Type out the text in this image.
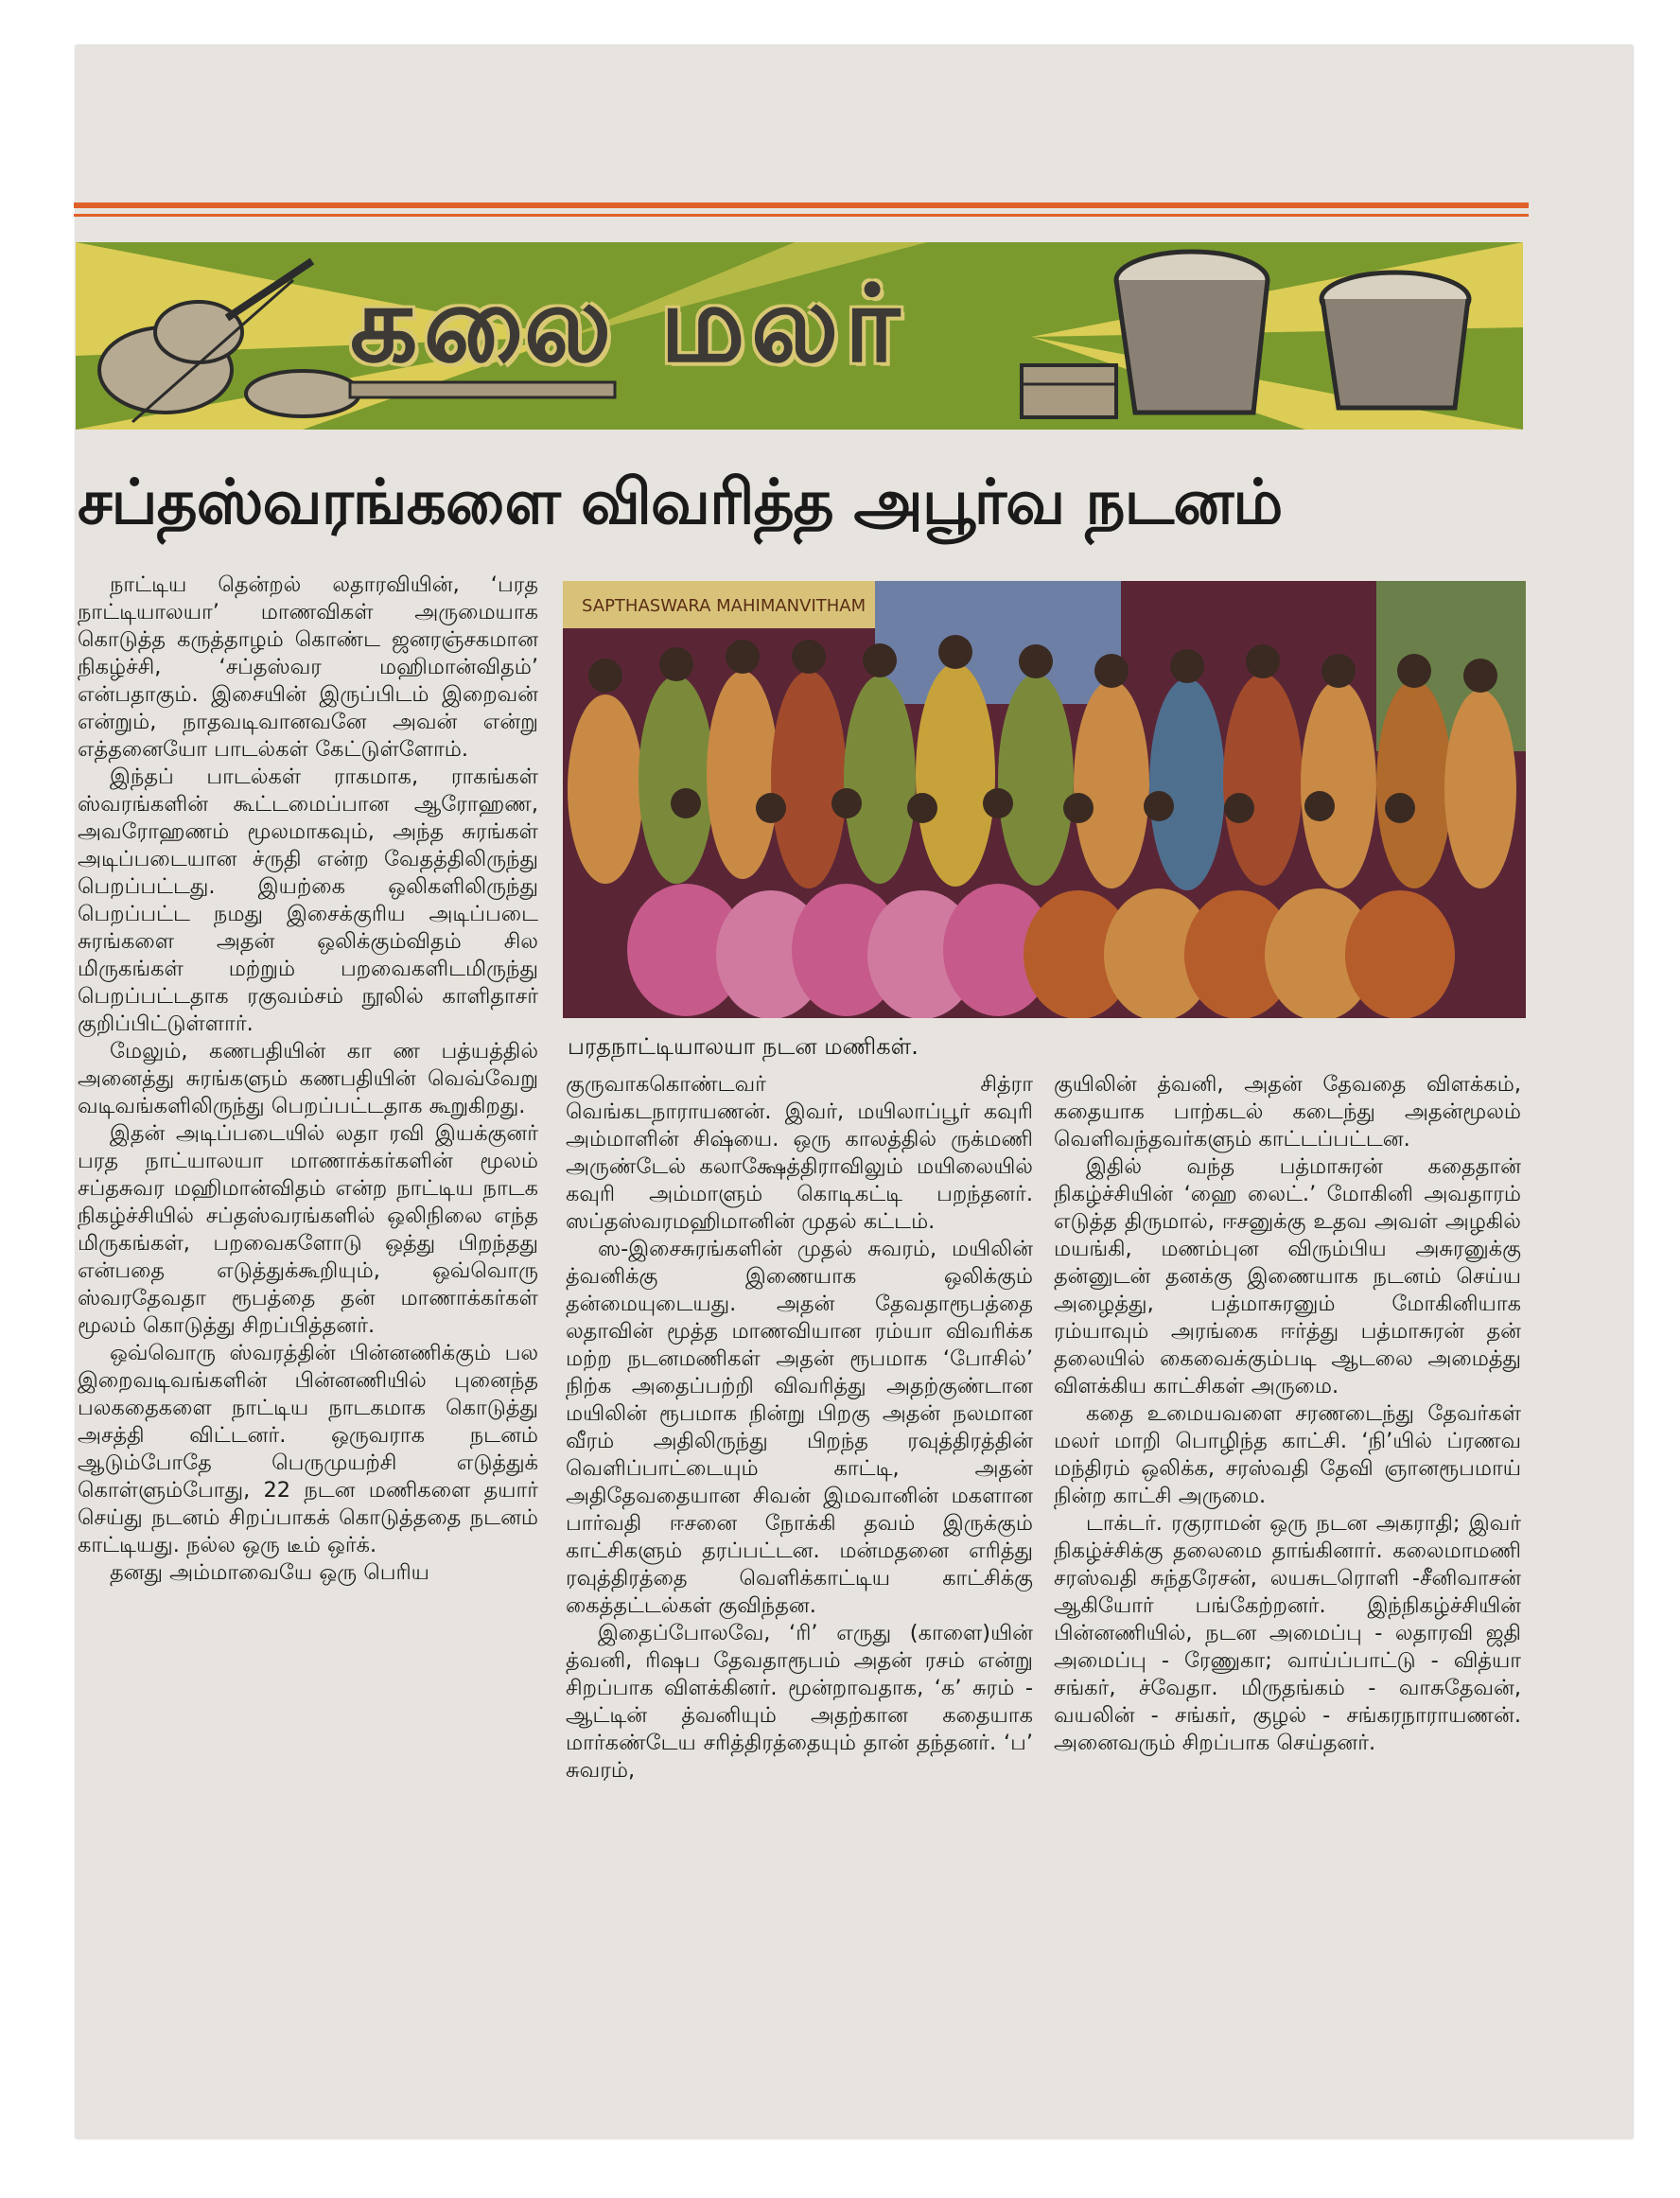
கலை மலர்
சப்தஸ்வரங்களை விவரித்த அபூர்வ நடனம்
SAPTHASWARA MAHIMANVITHAM
பரதநாட்டியாலயா நடன மணிகள்.

நாட்டிய தென்றல் லதாரவியின், ‘பரத நாட்டியாலயா’ மாணவிகள் அருமையாக கொடுத்த கருத்தாழம் கொண்ட ஜனரஞ்சகமான நிகழ்ச்சி, ‘சப்தஸ்வர மஹிமான்விதம்’ என்பதாகும். இசையின் இருப்பிடம் இறைவன் என்றும், நாதவடிவானவனே அவன் என்று எத்தனையோ பாடல்கள் கேட்டுள்ளோம்.

இந்தப் பாடல்கள் ராகமாக, ராகங்கள் ஸ்வரங்களின் கூட்டமைப்பான ஆரோஹண, அவரோஹணம் மூலமாகவும், அந்த சுரங்கள் அடிப்படையான ச்ருதி என்ற வேதத்திலிருந்து பெறப்பட்டது. இயற்கை ஒலிகளிலிருந்து பெறப்பட்ட நமது இசைக்குரிய அடிப்படை சுரங்களை அதன் ஒலிக்கும்விதம் சில மிருகங்கள் மற்றும் பறவைகளிடமிருந்து பெறப்பட்டதாக ரகுவம்சம் நூலில் காளிதாசர் குறிப்பிட்டுள்ளார்.

மேலும், கணபதியின் கா ண பத்யத்தில் அனைத்து சுரங்களும் கணபதியின் வெவ்வேறு வடிவங்களிலிருந்து பெறப்பட்டதாக கூறுகிறது.

இதன் அடிப்படையில் லதா ரவி இயக்குனர் பரத நாட்யாலயா மாணாக்கர்களின் மூலம் சப்தசுவர மஹிமான்விதம் என்ற நாட்டிய நாடக நிகழ்ச்சியில் சப்தஸ்வரங்களில் ஒலிநிலை எந்த மிருகங்கள், பறவைகளோடு ஒத்து பிறந்தது என்பதை எடுத்துக்கூறியும், ஒவ்வொரு ஸ்வரதேவதா ரூபத்தை தன் மாணாக்கர்கள் மூலம் கொடுத்து சிறப்பித்தனர்.

ஒவ்வொரு ஸ்வரத்தின் பின்னணிக்கும் பல இறைவடிவங்களின் பின்னணியில் புனைந்த பலகதைகளை நாட்டிய நாடகமாக கொடுத்து அசத்தி விட்டனர். ஒருவராக நடனம் ஆடும்போதே பெருமுயற்சி எடுத்துக் கொள்ளும்போது, 22 நடன மணிகளை தயார் செய்து நடனம் சிறப்பாகக் கொடுத்ததை நடனம் காட்டியது. நல்ல ஒரு டீம் ஒர்க்.

தனது அம்மாவையே ஒரு பெரிய

குருவாககொண்டவர் சித்ரா வெங்கடநாராயணன். இவர், மயிலாப்பூர் கவுரி அம்மாளின் சிஷ்யை. ஒரு காலத்தில் ருக்மணி அருண்டேல் கலாக்ஷேத்திராவிலும் மயிலையில் கவுரி அம்மாளும் கொடிகட்டி பறந்தனர். ஸப்தஸ்வரமஹிமானின் முதல் கட்டம்.

ஸ-இசைசுரங்களின் முதல் சுவரம், மயிலின் த்வனிக்கு இணையாக ஒலிக்கும் தன்மையுடையது. அதன் தேவதாரூபத்தை லதாவின் மூத்த மாணவியான ரம்யா விவரிக்க மற்ற நடனமணிகள் அதன் ரூபமாக ‘போசில்’ நிற்க அதைப்பற்றி விவரித்து அதற்குண்டான மயிலின் ரூபமாக நின்று பிறகு அதன் நலமான வீரம் அதிலிருந்து பிறந்த ரவுத்திரத்தின் வெளிப்பாட்டையும் காட்டி, அதன் அதிதேவதையான சிவன் இமவானின் மகளான பார்வதி ஈசனை நோக்கி தவம் இருக்கும் காட்சிகளும் தரப்பட்டன. மன்மதனை எரித்து ரவுத்திரத்தை வெளிக்காட்டிய காட்சிக்கு கைத்தட்டல்கள் குவிந்தன.

இதைப்போலவே, ‘ரி’ எருது (காளை)யின் த்வனி, ரிஷப தேவதாரூபம் அதன் ரசம் என்று சிறப்பாக விளக்கினர். மூன்றாவதாக, ‘க’ சுரம் - ஆட்டின் த்வனியும் அதற்கான கதையாக மார்கண்டேய சரித்திரத்தையும் தான் தந்தனர். ‘ப’ சுவரம்,

குயிலின் த்வனி, அதன் தேவதை விளக்கம், கதையாக பாற்கடல் கடைந்து அதன்மூலம் வெளிவந்தவர்களும் காட்டப்பட்டன.

இதில் வந்த பத்மாசுரன் கதைதான் நிகழ்ச்சியின் ‘ஹை லைட்.’ மோகினி அவதாரம் எடுத்த திருமால், ஈசனுக்கு உதவ அவள் அழகில் மயங்கி, மணம்புன விரும்பிய அசுரனுக்கு தன்னுடன் தனக்கு இணையாக நடனம் செய்ய அழைத்து, பத்மாசுரனும் மோகினியாக ரம்யாவும் அரங்கை ஈர்த்து பத்மாசுரன் தன் தலையில் கைவைக்கும்படி ஆடலை அமைத்து விளக்கிய காட்சிகள் அருமை.

கதை உமையவளை சரணடைந்து தேவர்கள் மலர் மாறி பொழிந்த காட்சி. ‘நி’யில் ப்ரணவ மந்திரம் ஒலிக்க, சரஸ்வதி தேவி ஞானரூபமாய் நின்ற காட்சி அருமை.

டாக்டர். ரகுராமன் ஒரு நடன அகராதி; இவர் நிகழ்ச்சிக்கு தலைமை தாங்கினார். கலைமாமணி சரஸ்வதி சுந்தரேசன், லயசுடரொளி -சீனிவாசன் ஆகியோர் பங்கேற்றனர். இந்நிகழ்ச்சியின் பின்னணியில், நடன அமைப்பு - லதாரவி ஜதி அமைப்பு - ரேணுகா; வாய்ப்பாட்டு - வித்யா சங்கர், ச்வேதா. மிருதங்கம் - வாசுதேவன், வயலின் - சங்கர், குழல் - சங்கரநாராயணன். அனைவரும் சிறப்பாக செய்தனர்.
